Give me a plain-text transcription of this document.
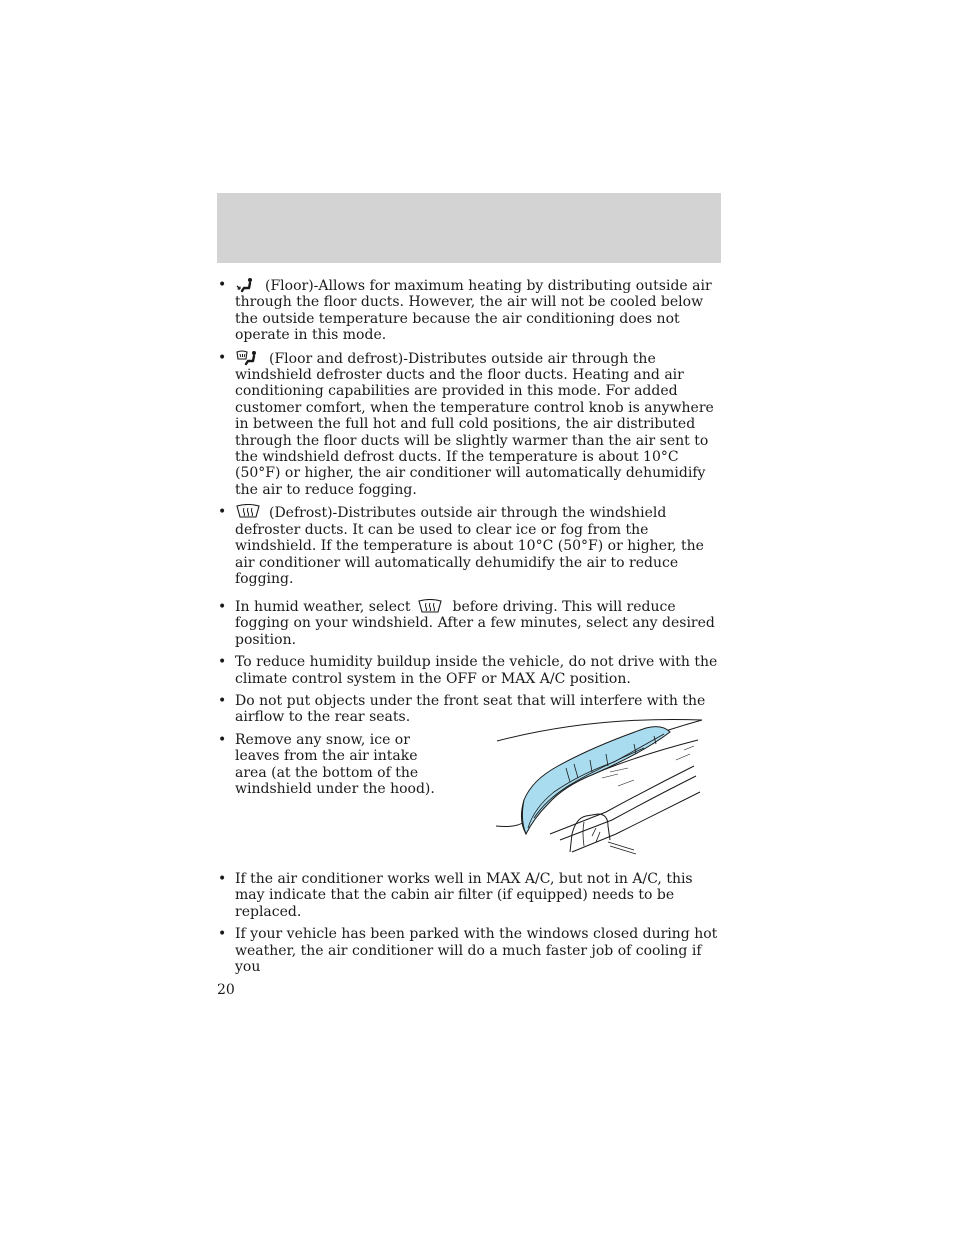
•	(Floor)-Allows for maximum heating by distributing outside air through the floor ducts. However, the air will not be cooled below the outside temperature because the air conditioning does not operate in this mode.

•	(Floor and defrost)-Distributes outside air through the windshield defroster ducts and the floor ducts. Heating and air conditioning capabilities are provided in this mode. For added customer comfort, when the temperature control knob is anywhere in between the full hot and full cold positions, the air distributed through the floor ducts will be slightly warmer than the air sent to the windshield defrost ducts. If the temperature is about 10°C (50°F) or higher, the air conditioner will automatically dehumidify the air to reduce fogging.

•	(Defrost)-Distributes outside air through the windshield defroster ducts. It can be used to clear ice or fog from the windshield. If the temperature is about 10°C (50°F) or higher, the air conditioner will automatically dehumidify the air to reduce fogging.

• In humid weather, select	before driving. This will reduce fogging on your windshield. After a few minutes, select any desired position.

• To reduce humidity buildup inside the vehicle, do not drive with the climate control system in the OFF or MAX A/C position.

• Do not put objects under the front seat that will interfere with the airflow to the rear seats.

• Remove any snow, ice or leaves from the air intake area (at the bottom of the windshield under the hood).

• If the air conditioner works well in MAX A/C, but not in A/C, this may indicate that the cabin air filter (if equipped) needs to be replaced.

• If your vehicle has been parked with the windows closed during hot weather, the air conditioner will do a much faster job of cooling if you

20
